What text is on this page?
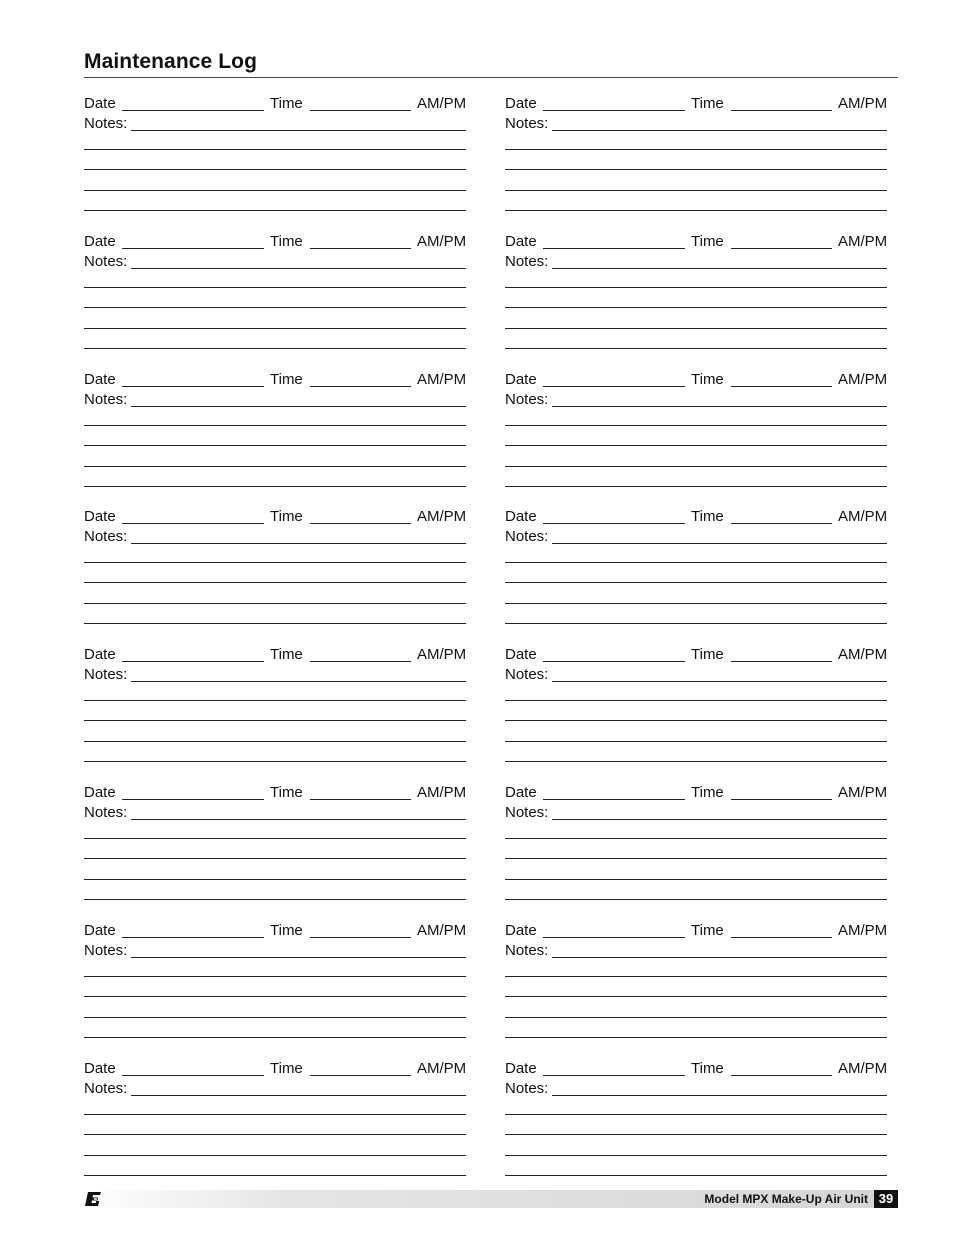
Maintenance Log
Date	Time	AM/PM
Notes:
Date	Time	AM/PM
Notes:
Date	Time	AM/PM
Notes:
Date	Time	AM/PM
Notes:
Date	Time	AM/PM
Notes:
Date	Time	AM/PM
Notes:
Date	Time	AM/PM
Notes:
Date	Time	AM/PM
Notes:
Date	Time	AM/PM
Notes:
Date	Time	AM/PM
Notes:
Date	Time	AM/PM
Notes:
Date	Time	AM/PM
Notes:
Date	Time	AM/PM
Notes:
Date	Time	AM/PM
Notes:
Date	Time	AM/PM
Notes:
Date	Time	AM/PM
Notes:
Model MPX Make-Up Air Unit 39
